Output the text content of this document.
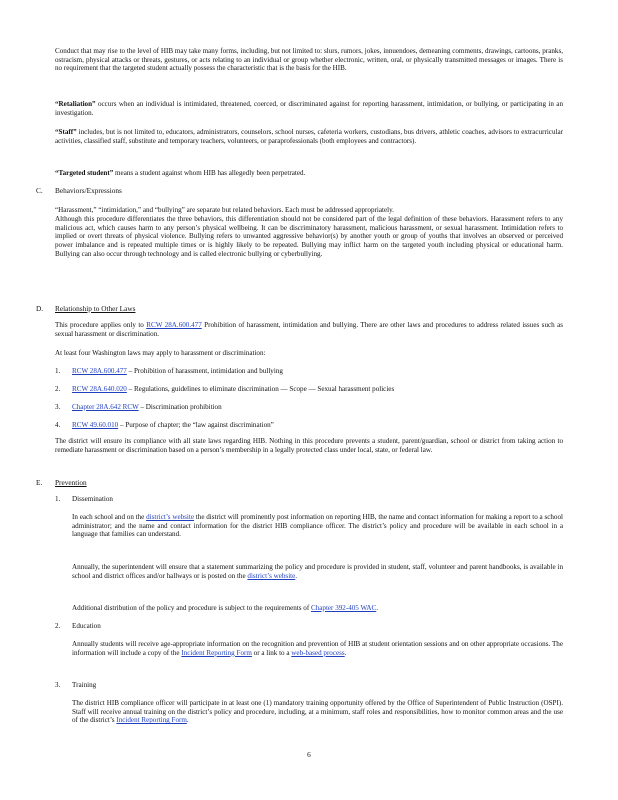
Conduct that may rise to the level of HIB may take many forms, including, but not limited to: slurs, rumors, jokes, innuendoes, demeaning comments, drawings, cartoons, pranks, ostracism, physical attacks or threats, gestures, or acts relating to an individual or group whether electronic, written, oral, or physically transmitted messages or images. There is no requirement that the targeted student actually possess the characteristic that is the basis for the HIB.

“Retaliation” occurs when an individual is intimidated, threatened, coerced, or discriminated against for reporting harassment, intimidation, or bullying, or participating in an investigation.

“Staff” includes, but is not limited to, educators, administrators, counselors, school nurses, cafeteria workers, custodians, bus drivers, athletic coaches, advisors to extracurricular activities, classified staff, substitute and temporary teachers, volunteers, or paraprofessionals (both employees and contractors).

“Targeted student” means a student against whom HIB has allegedly been perpetrated.

C. Behaviors/Expressions

“Harassment,” “intimidation,” and “bullying” are separate but related behaviors. Each must be addressed appropriately.

Although this procedure differentiates the three behaviors, this differentiation should not be considered part of the legal definition of these behaviors. Harassment refers to any malicious act, which causes harm to any person’s physical wellbeing. It can be discriminatory harassment, malicious harassment, or sexual harassment. Intimidation refers to implied or overt threats of physical violence. Bullying refers to unwanted aggressive behavior(s) by another youth or group of youths that involves an observed or perceived power imbalance and is repeated multiple times or is highly likely to be repeated. Bullying may inflict harm on the targeted youth including physical or educational harm. Bullying can also occur through technology and is called electronic bullying or cyberbullying.

D. Relationship to Other Laws

This procedure applies only to RCW 28A.600.477 Prohibition of harassment, intimidation and bullying. There are other laws and procedures to address related issues such as sexual harassment or discrimination.

At least four Washington laws may apply to harassment or discrimination:

1. RCW 28A.600.477 – Prohibition of harassment, intimidation and bullying
2. RCW 28A.640.020 – Regulations, guidelines to eliminate discrimination — Scope — Sexual harassment policies
3. Chapter 28A.642 RCW – Discrimination prohibition
4. RCW 49.60.010 – Purpose of chapter; the “law against discrimination”

The district will ensure its compliance with all state laws regarding HIB. Nothing in this procedure prevents a student, parent/guardian, school or district from taking action to remediate harassment or discrimination based on a person’s membership in a legally protected class under local, state, or federal law.

E. Prevention
1. Dissemination

In each school and on the district’s website the district will prominently post information on reporting HIB, the name and contact information for making a report to a school administrator; and the name and contact information for the district HIB compliance officer. The district’s policy and procedure will be available in each school in a language that families can understand.

Annually, the superintendent will ensure that a statement summarizing the policy and procedure is provided in student, staff, volunteer and parent handbooks, is available in school and district offices and/or hallways or is posted on the district’s website.

Additional distribution of the policy and procedure is subject to the requirements of Chapter 392-405 WAC.

2. Education

Annually students will receive age-appropriate information on the recognition and prevention of HIB at student orientation sessions and on other appropriate occasions. The information will include a copy of the Incident Reporting Form or a link to a web-based process.

3. Training

The district HIB compliance officer will participate in at least one (1) mandatory training opportunity offered by the Office of Superintendent of Public Instruction (OSPI). Staff will receive annual training on the district’s policy and procedure, including, at a minimum, staff roles and responsibilities, how to monitor common areas and the use of the district’s Incident Reporting Form.

6
